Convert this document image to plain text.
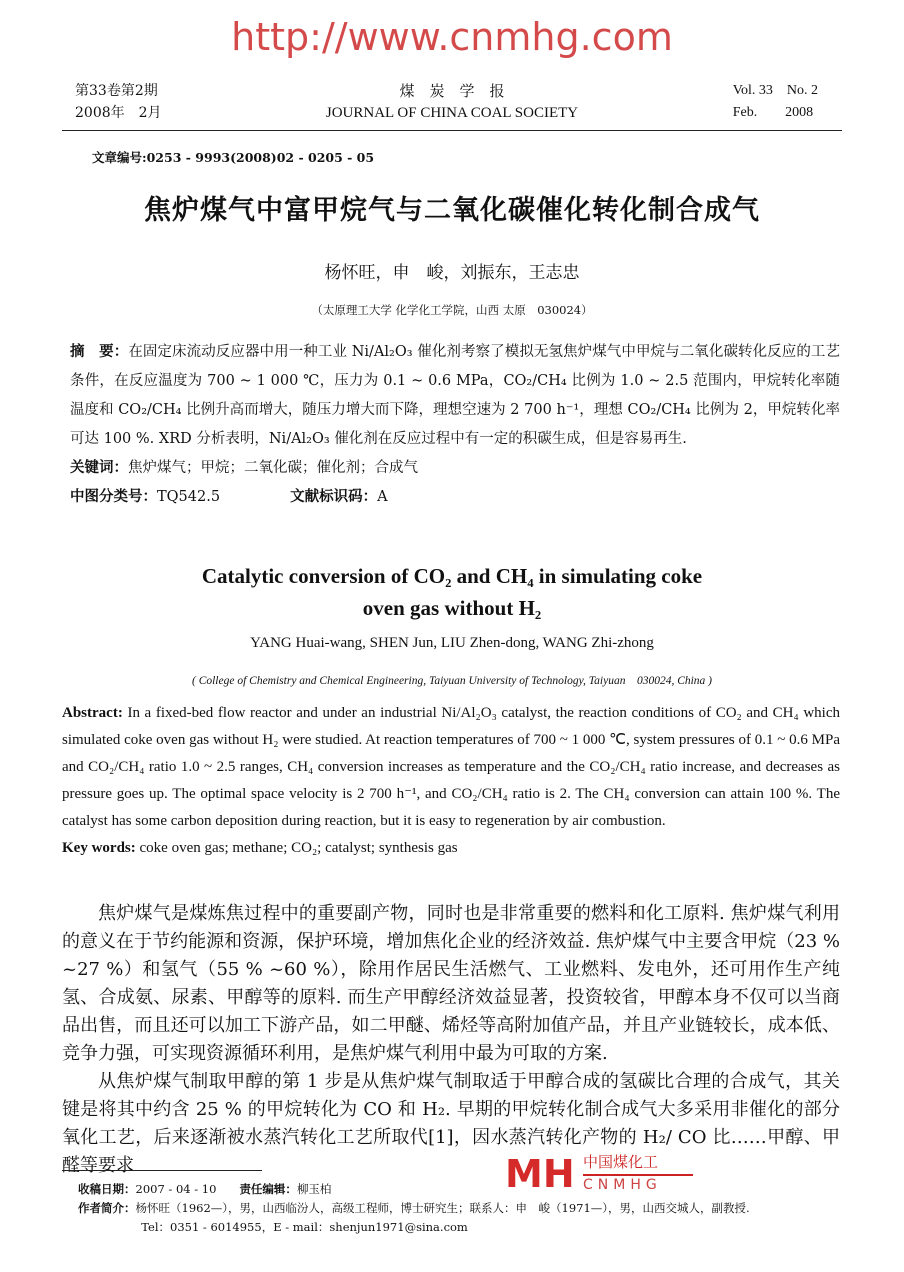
http://www.cnmhg.com
第33卷第2期
2008年　2月
煤　炭　学　报
JOURNAL OF CHINA COAL SOCIETY
Vol. 33　No. 2
Feb.　　2008
文章编号:0253 - 9993(2008)02 - 0205 - 05
焦炉煤气中富甲烷气与二氧化碳催化转化制合成气
杨怀旺，申　峻，刘振东，王志忠
（太原理工大学 化学化工学院，山西 太原　030024）
摘　要：在固定床流动反应器中用一种工业 Ni/Al₂O₃ 催化剂考察了模拟无氢焦炉煤气中甲烷与二氧化碳转化反应的工艺条件，在反应温度为 700 ~ 1 000 ℃，压力为 0.1 ~ 0.6 MPa，CO₂/CH₄ 比例为 1.0 ~ 2.5 范围内，甲烷转化率随温度和 CO₂/CH₄ 比例升高而增大，随压力增大而下降，理想空速为 2 700 h⁻¹，理想 CO₂/CH₄ 比例为 2，甲烷转化率可达 100 %. XRD 分析表明，Ni/Al₂O₃ 催化剂在反应过程中有一定的积碳生成，但是容易再生.
关键词：焦炉煤气；甲烷；二氧化碳；催化剂；合成气
中图分类号：TQ542.5	文献标识码：A
Catalytic conversion of CO₂ and CH₄ in simulating coke
oven gas without H₂
YANG Huai-wang, SHEN Jun, LIU Zhen-dong, WANG Zhi-zhong
( College of Chemistry and Chemical Engineering, Taiyuan University of Technology, Taiyuan　030024, China )
Abstract: In a fixed-bed flow reactor and under an industrial Ni/Al₂O₃ catalyst, the reaction conditions of CO₂ and CH₄ which simulated coke oven gas without H₂ were studied. At reaction temperatures of 700 ~ 1 000 ℃, system pressures of 0.1 ~ 0.6 MPa and CO₂/CH₄ ratio 1.0 ~ 2.5 ranges, CH₄ conversion increases as temperature and the CO₂/CH₄ ratio increase, and decreases as pressure goes up. The optimal space velocity is 2 700 h⁻¹, and CO₂/CH₄ ratio is 2. The CH₄ conversion can attain 100 %. The catalyst has some carbon deposition during reaction, but it is easy to regeneration by air combustion.
Key words: coke oven gas; methane; CO₂; catalyst; synthesis gas
焦炉煤气是煤炼焦过程中的重要副产物，同时也是非常重要的燃料和化工原料. 焦炉煤气利用的意义在于节约能源和资源，保护环境，增加焦化企业的经济效益. 焦炉煤气中主要含甲烷（23 % ~27 %）和氢气（55 % ~60 %），除用作居民生活燃气、工业燃料、发电外，还可用作生产纯氢、合成氨、尿素、甲醇等的原料. 而生产甲醇经济效益显著，投资较省，甲醇本身不仅可以当商品出售，而且还可以加工下游产品，如二甲醚、烯烃等高附加值产品，并且产业链较长，成本低、竞争力强，可实现资源循环利用，是焦炉煤气利用中最为可取的方案.
从焦炉煤气制取甲醇的第 1 步是从焦炉煤气制取适于甲醇合成的氢碳比合理的合成气，其关键是将其中约含 25 % 的甲烷转化为 CO 和 H₂. 早期的甲烷转化制合成气大多采用非催化的部分氧化工艺，后来逐渐被水蒸汽转化工艺所取代[1]，因水蒸汽转化产物的 H₂/ CO 比……甲醇、甲醛等要求	MH 中国煤化工
CNMHG
收稿日期：2007 - 04 - 10　　 责任编辑：柳玉柏
作者简介：杨怀旺（1962—），男，山西临汾人，高级工程师，博士研究生；联系人：申　峻（1971—），男，山西交城人，副教授.
Tel：0351 - 6014955，E - mail：shenjun1971@sina.com
